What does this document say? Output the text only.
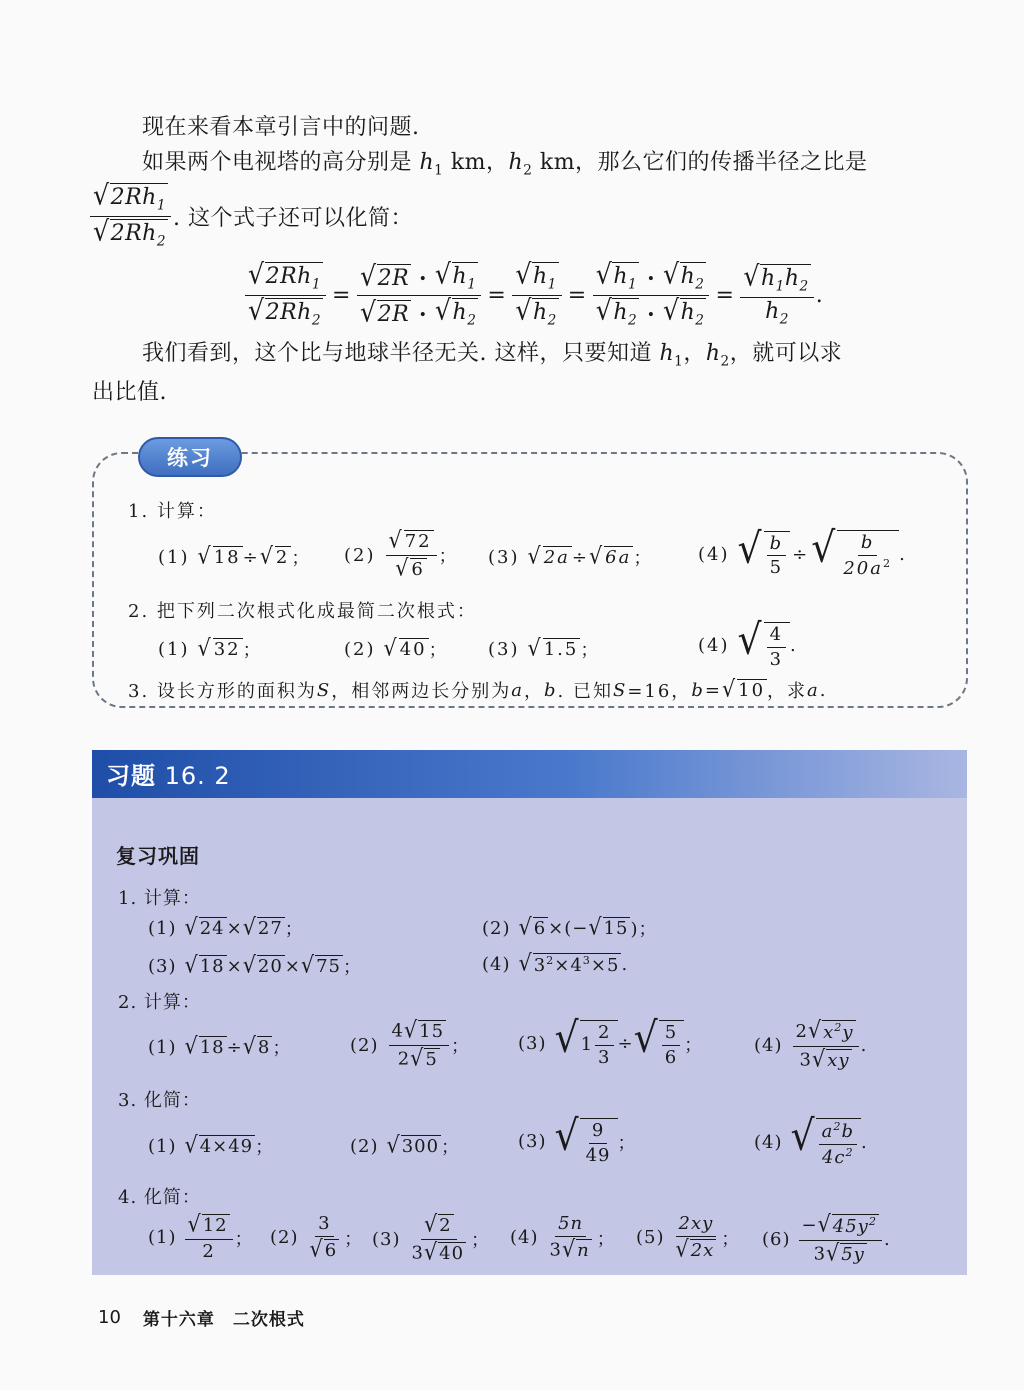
现在来看本章引言中的问题.
如果两个电视塔的高分别是 $h_1$ km，$h_2$ km，那么它们的传播半径之比是
$\frac{√ 2Rh_1}{√ 2Rh_2}$ . 这个式子还可以化简：
$\frac{√ 2Rh_1}{√ 2Rh_2} = \frac{√ 2R • √ h_1}{√ 2R • √ h_2} = \frac{√ h_1}{√ h_2} = \frac{√ h_1 • √ h_2}{√ h_2 • √ h_2} = \frac{√ h_1h_2}{h_2}$ .
我们看到，这个比与地球半径无关. 这样，只要知道 $h_1$，$h_2$，就可以求
出比值.
练习
1. 计算：
(1) √ 18 ÷ √ 2 ； $(2) \frac{√ 72}{√ 6}$ ； (3) √ 2a ÷ √ 6a ； (4) √ $\frac{b}{5}$ ÷ √ $\frac{b}{20a^2}$ .
2. 把下列二次根式化成最简二次根式：
(1) √ 32 ；	(2) √ 40 ； (3) √ 1.5 ；	(4) √ $\frac{4}{3}$ .
3. 设长方形的面积为 S ，相邻两边长分别为 a ， b . 已知 S =16， b = √ 10 ，求 a .
习题 16. 2
复习巩固
1. 计算：
(1) √ 24 × √ 27 ；	(2) √ 6 × (− √ 15 )；
(3) √ 18 × √ 20 × √ 75 ；	(4) √ $3^2\times 4^3\times 5$ .
2. 计算：
(1) √ 18 ÷ √ 8 ；	$(2) \frac{4 √ 15}{2 √ 5}$ ；	(3) √ $1 \frac{2}{3}$ ÷ √ $\frac{5}{6}$ ；	$(4) \frac{2 √ x^2y}{3 √ xy}$ .
3. 化简：
(1) √ 4×49 ；	(2) √ 300 ；	(3) √ $\frac{9}{49}$ ；	(4) √ $\frac{a^2b}{4c^2}$ .
4. 化简：
$(1) \frac{√ 12}{2}$ ； $(2) \frac{3}{√ 6}$ ； $(3) \frac{√ 2}{3 √ 40}$ ； $(4) \frac{5n}{3 √ n}$ ； $(5) \frac{2xy}{√ 2x}$ ； $(6) \frac{- √ 45y^2}{3 √ 5y}$ .
10 第十六章 二次根式
